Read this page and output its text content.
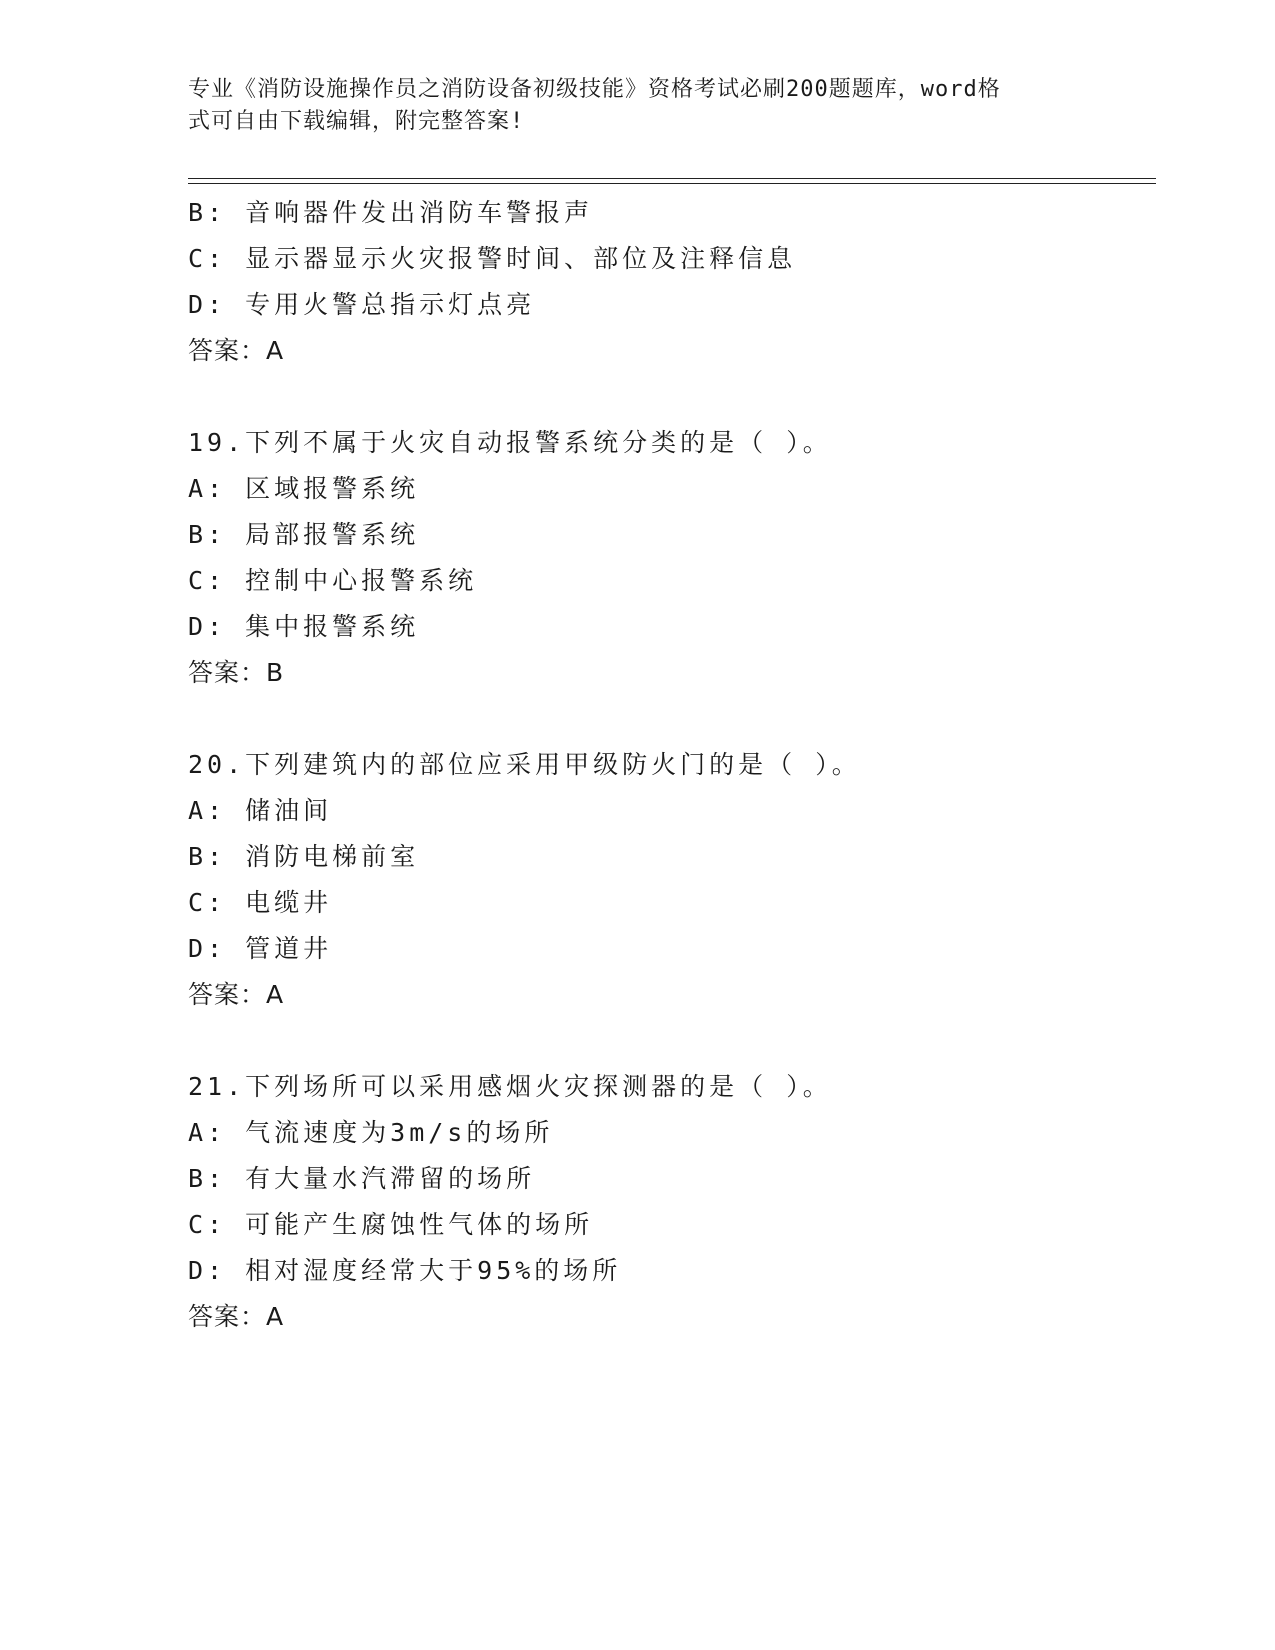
专业《消防设施操作员之消防设备初级技能》资格考试必刷200题题库，word格
式可自由下载编辑，附完整答案!
B: 音响器件发出消防车警报声
C: 显示器显示火灾报警时间、部位及注释信息
D: 专用火警总指示灯点亮
答案：A
19.下列不属于火灾自动报警系统分类的是（ ）。
A: 区域报警系统
B: 局部报警系统
C: 控制中心报警系统
D: 集中报警系统
答案：B
20.下列建筑内的部位应采用甲级防火门的是（ ）。
A: 储油间
B: 消防电梯前室
C: 电缆井
D: 管道井
答案：A
21.下列场所可以采用感烟火灾探测器的是（ ）。
A: 气流速度为3m/s的场所
B: 有大量水汽滞留的场所
C: 可能产生腐蚀性气体的场所
D: 相对湿度经常大于95%的场所
答案：A
